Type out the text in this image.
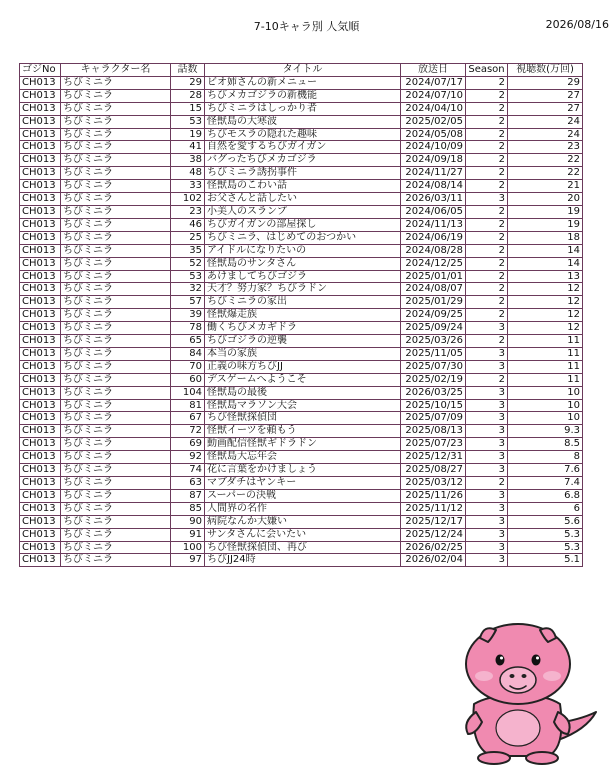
7-10キャラ別 人気順	2026/08/16
ゴジNo	キャラクター名	話数	タイトル	放送日	Season	視聴数(万回)
CH013	ちびミニラ	29	ビオ姉さんの新メニュー	2024/07/17	2	29
CH013	ちびミニラ	28	ちびメカゴジラの新機能	2024/07/10	2	27
CH013	ちびミニラ	15	ちびミニラはしっかり者	2024/04/10	2	27
CH013	ちびミニラ	53	怪獣島の大寒波	2025/02/05	2	24
CH013	ちびミニラ	19	ちびモスラの隠れた趣味	2024/05/08	2	24
CH013	ちびミニラ	41	自然を愛するちびガイガン	2024/10/09	2	23
CH013	ちびミニラ	38	バグったちびメカゴジラ	2024/09/18	2	22
CH013	ちびミニラ	48	ちびミニラ誘拐事件	2024/11/27	2	22
CH013	ちびミニラ	33	怪獣島のこわい話	2024/08/14	2	21
CH013	ちびミニラ	102	お父さんと話したい	2026/03/11	3	20
CH013	ちびミニラ	23	小美人のスランプ	2024/06/05	2	19
CH013	ちびミニラ	46	ちびガイガンの部屋探し	2024/11/13	2	19
CH013	ちびミニラ	25	ちびミニラ、はじめてのおつかい	2024/06/19	2	18
CH013	ちびミニラ	35	アイドルになりたいの	2024/08/28	2	14
CH013	ちびミニラ	52	怪獣島のサンタさん	2024/12/25	2	14
CH013	ちびミニラ	53	あけましてちびゴジラ	2025/01/01	2	13
CH013	ちびミニラ	32	天才？努力家？ちびラドン	2024/08/07	2	12
CH013	ちびミニラ	57	ちびミニラの家出	2025/01/29	2	12
CH013	ちびミニラ	39	怪獣爆走族	2024/09/25	2	12
CH013	ちびミニラ	78	働くちびメカギドラ	2025/09/24	3	12
CH013	ちびミニラ	65	ちびゴジラの逆襲	2025/03/26	2	11
CH013	ちびミニラ	84	本当の家族	2025/11/05	3	11
CH013	ちびミニラ	70	正義の味方ちびJJ	2025/07/30	3	11
CH013	ちびミニラ	60	デスゲームへようこそ	2025/02/19	2	11
CH013	ちびミニラ	104	怪獣島の最後	2026/03/25	3	10
CH013	ちびミニラ	81	怪獣島マラソン大会	2025/10/15	3	10
CH013	ちびミニラ	67	ちび怪獣探偵団	2025/07/09	3	10
CH013	ちびミニラ	72	怪獣イーツを頼もう	2025/08/13	3	9.3
CH013	ちびミニラ	69	動画配信怪獣ギドラドン	2025/07/23	3	8.5
CH013	ちびミニラ	92	怪獣島大忘年会	2025/12/31	3	8
CH013	ちびミニラ	74	花に言葉をかけましょう	2025/08/27	3	7.6
CH013	ちびミニラ	63	マブダチはヤンキー	2025/03/12	2	7.4
CH013	ちびミニラ	87	スーパーの決戦	2025/11/26	3	6.8
CH013	ちびミニラ	85	人間界の名作	2025/11/12	3	6
CH013	ちびミニラ	90	病院なんか大嫌い	2025/12/17	3	5.6
CH013	ちびミニラ	91	サンタさんに会いたい	2025/12/24	3	5.3
CH013	ちびミニラ	100	ちび怪獣探偵団、再び	2026/02/25	3	5.3
CH013	ちびミニラ	97	ちびJJ24時	2026/02/04	3	5.1
